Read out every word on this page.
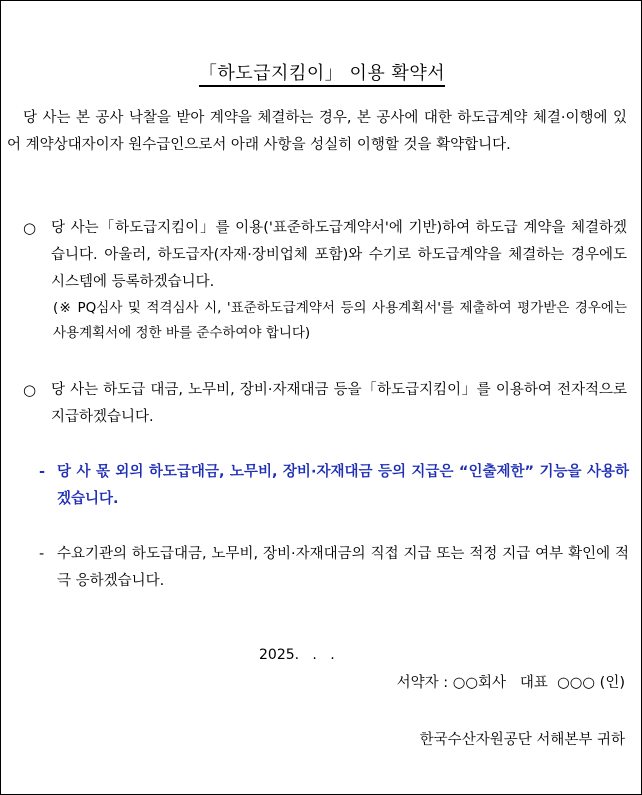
「하도급지킴이」 이용 확약서
당 사는 본 공사 낙찰을 받아 계약을 체결하는 경우, 본 공사에 대한 하도급계약 체결·이행에 있어 계약상대자이자 원수급인으로서 아래 사항을 성실히 이행할 것을 확약합니다.
○ 당 사는「하도급지킴이」를 이용('표준하도급계약서'에 기반)하여 하도급 계약을 체결하겠습니다. 아울러, 하도급자(자재·장비업체 포함)와 수기로 하도급계약을 체결하는 경우에도 시스템에 등록하겠습니다.
(※ PQ심사 및 적격심사 시, '표준하도급계약서 등의 사용계획서'를 제출하여 평가받은 경우에는 사용계획서에 정한 바를 준수하여야 합니다)
○ 당 사는 하도급 대금, 노무비, 장비·자재대금 등을「하도급지킴이」를 이용하여 전자적으로 지급하겠습니다.
- 당 사 몫 외의 하도급대금, 노무비, 장비·자재대금 등의 지급은 “인출제한” 기능을 사용하겠습니다.
- 수요기관의 하도급대금, 노무비, 장비·자재대금의 직접 지급 또는 적정 지급 여부 확인에 적극 응하겠습니다.
2025.   .   .
서약자 : ○○회사   대표  ○○○ (인)
한국수산자원공단 서해본부 귀하
